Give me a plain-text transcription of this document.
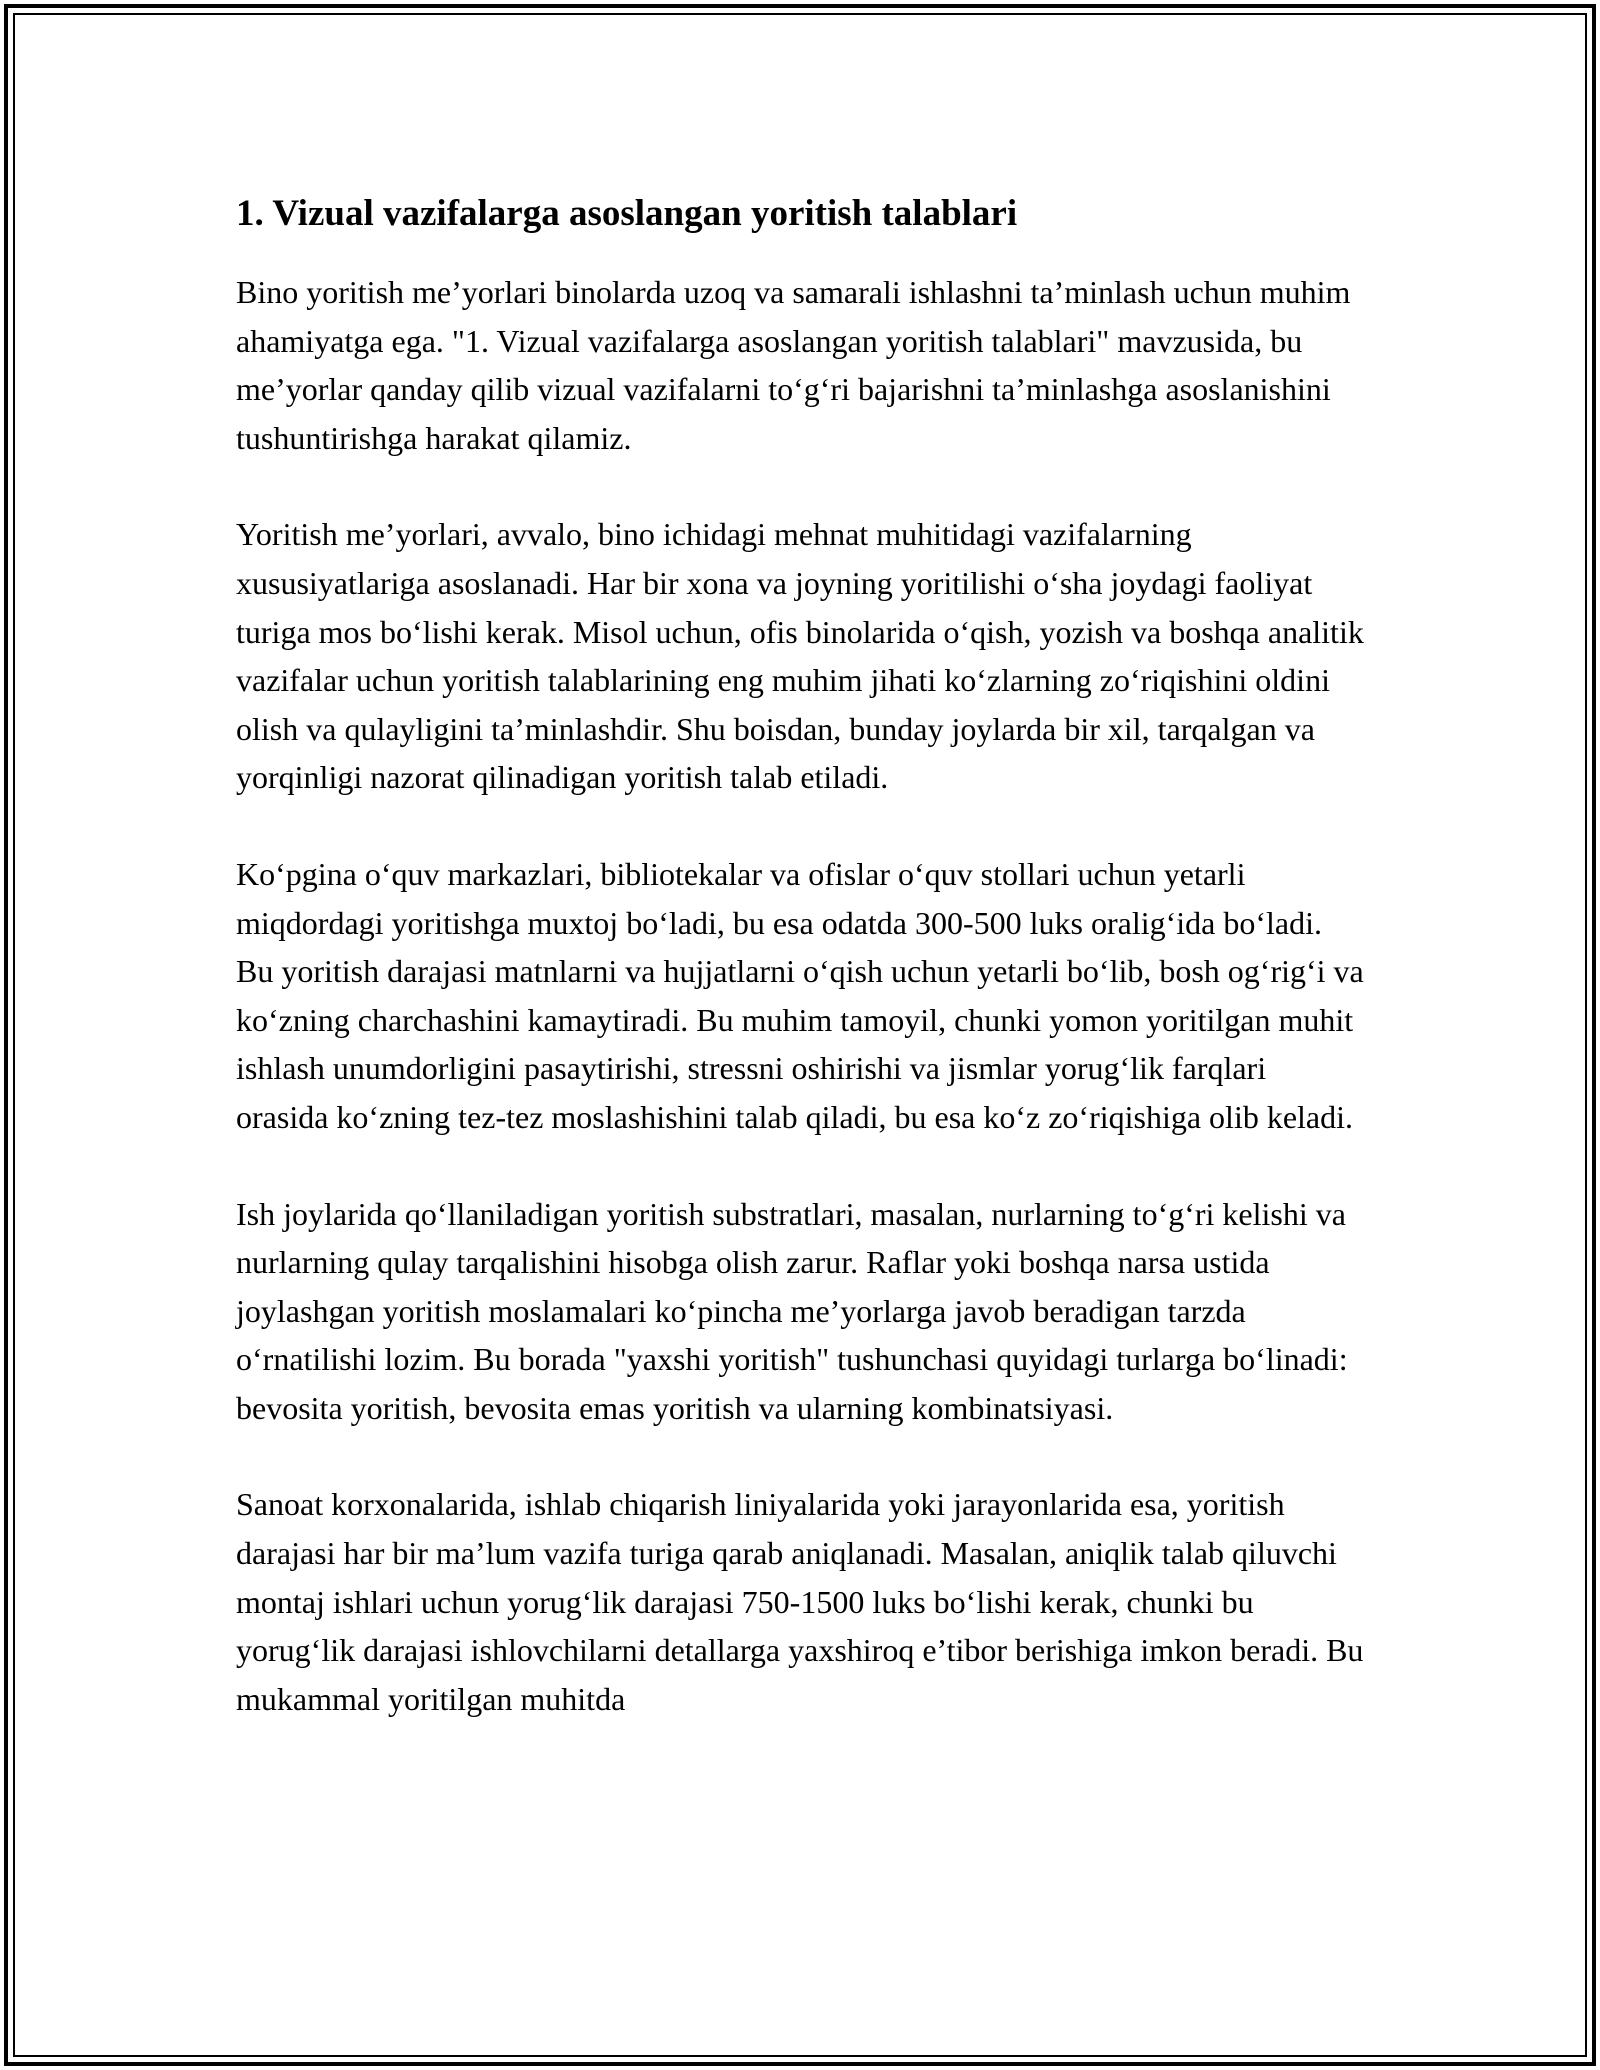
1. Vizual vazifalarga asoslangan yoritish talablari

Bino yoritish me’yorlari binolarda uzoq va samarali ishlashni ta’minlash uchun muhim ahamiyatga ega. "1. Vizual vazifalarga asoslangan yoritish talablari" mavzusida, bu me’yorlar qanday qilib vizual vazifalarni to‘g‘ri bajarishni ta’minlashga asoslanishini tushuntirishga harakat qilamiz.

Yoritish me’yorlari, avvalo, bino ichidagi mehnat muhitidagi vazifalarning xususiyatlariga asoslanadi. Har bir xona va joyning yoritilishi o‘sha joydagi faoliyat turiga mos bo‘lishi kerak. Misol uchun, ofis binolarida o‘qish, yozish va boshqa analitik vazifalar uchun yoritish talablarining eng muhim jihati ko‘zlarning zo‘riqishini oldini olish va qulayligini ta’minlashdir. Shu boisdan, bunday joylarda bir xil, tarqalgan va yorqinligi nazorat qilinadigan yoritish talab etiladi.

Ko‘pgina o‘quv markazlari, bibliotekalar va ofislar o‘quv stollari uchun yetarli miqdordagi yoritishga muxtoj bo‘ladi, bu esa odatda 300-500 luks oralig‘ida bo‘ladi. Bu yoritish darajasi matnlarni va hujjatlarni o‘qish uchun yetarli bo‘lib, bosh og‘rig‘i va ko‘zning charchashini kamaytiradi. Bu muhim tamoyil, chunki yomon yoritilgan muhit ishlash unumdorligini pasaytirishi, stressni oshirishi va jismlar yorug‘lik farqlari orasida ko‘zning tez-tez moslashishini talab qiladi, bu esa ko‘z zo‘riqishiga olib keladi.

Ish joylarida qo‘llaniladigan yoritish substratlari, masalan, nurlarning to‘g‘ri kelishi va nurlarning qulay tarqalishini hisobga olish zarur. Raflar yoki boshqa narsa ustida joylashgan yoritish moslamalari ko‘pincha me’yorlarga javob beradigan tarzda o‘rnatilishi lozim. Bu borada "yaxshi yoritish" tushunchasi quyidagi turlarga bo‘linadi: bevosita yoritish, bevosita emas yoritish va ularning kombinatsiyasi.

Sanoat korxonalarida, ishlab chiqarish liniyalarida yoki jarayonlarida esa, yoritish darajasi har bir ma’lum vazifa turiga qarab aniqlanadi. Masalan, aniqlik talab qiluvchi montaj ishlari uchun yorug‘lik darajasi 750-1500 luks bo‘lishi kerak, chunki bu yorug‘lik darajasi ishlovchilarni detallarga yaxshiroq e’tibor berishiga imkon beradi. Bu mukammal yoritilgan muhitda
